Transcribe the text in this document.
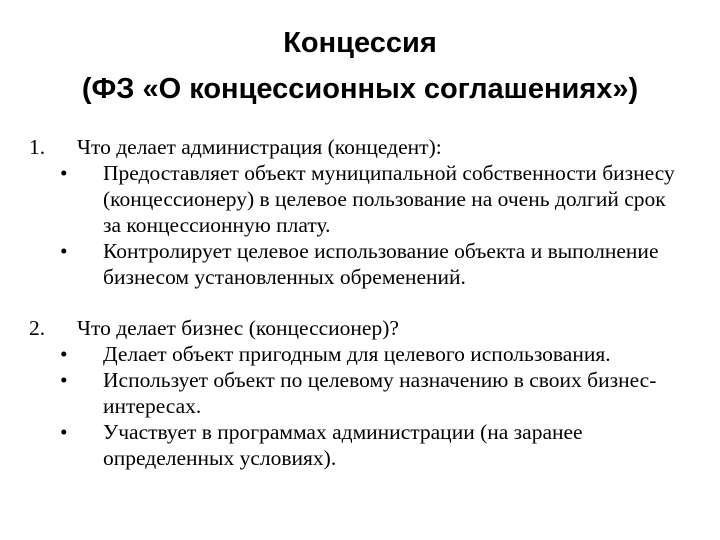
Концессия
(ФЗ «О концессионных соглашениях»)
1.	Что делает администрация (концедент):
• Предоставляет объект муниципальной собственности бизнесу (концессионеру) в целевое пользование на очень долгий срок за концессионную плату.
• Контролирует целевое использование объекта и выполнение бизнесом установленных обременений.
2.	Что делает бизнес (концессионер)?
• Делает объект пригодным для целевого использования.
• Использует объект по целевому назначению в своих бизнес-интересах.
• Участвует в программах администрации (на заранее определенных условиях).
